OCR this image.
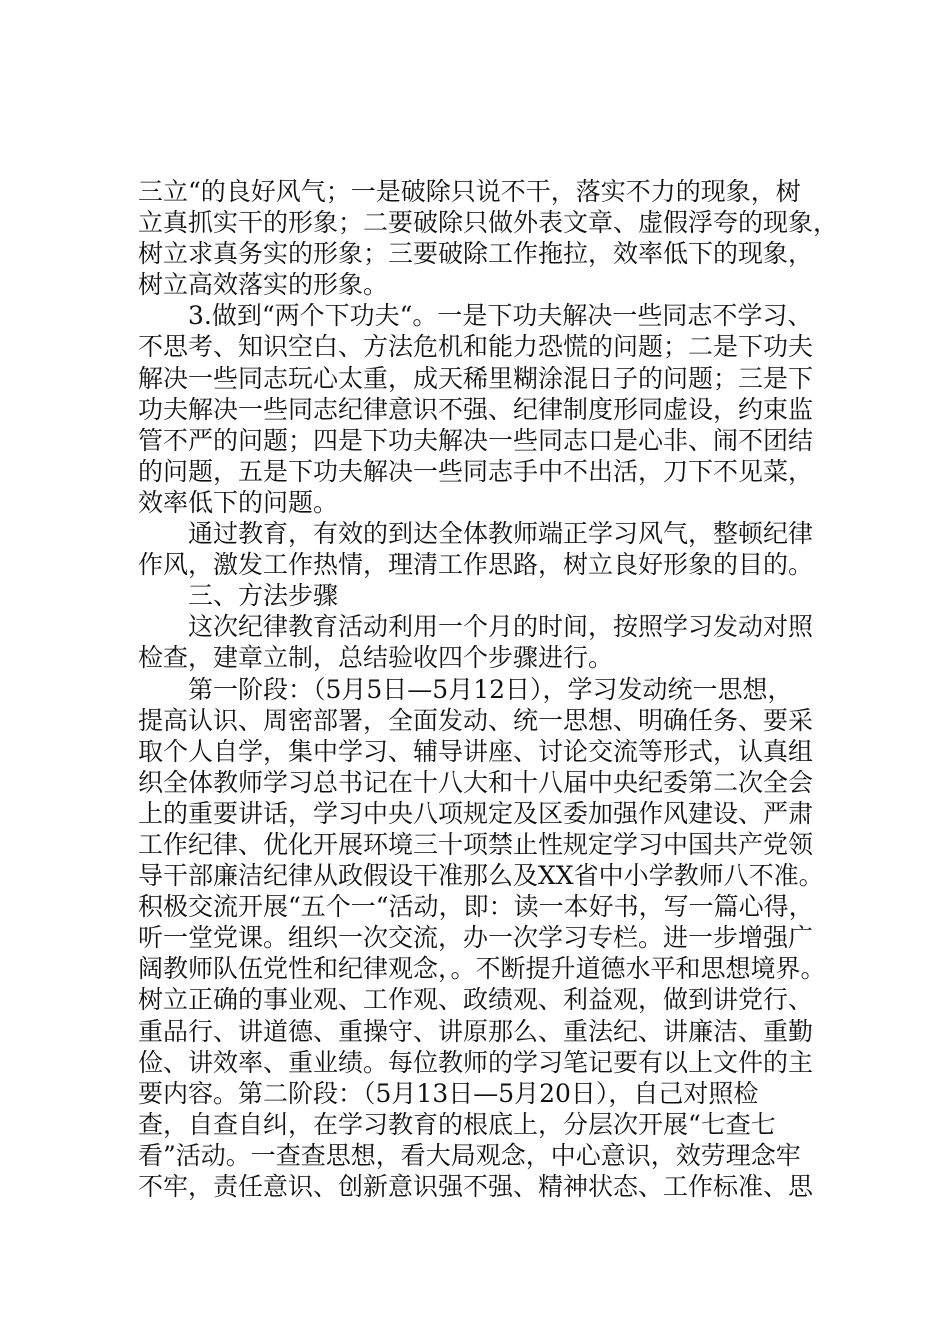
三立“的良好风气；一是破除只说不干，落实不力的现象，树
立真抓实干的形象；二要破除只做外表文章、虚假浮夸的现象，
树立求真务实的形象；三要破除工作拖拉，效率低下的现象，
树立高效落实的形象。
3.做到“两个下功夫“。一是下功夫解决一些同志不学习、
不思考、知识空白、方法危机和能力恐慌的问题；二是下功夫
解决一些同志玩心太重，成天稀里糊涂混日子的问题；三是下
功夫解决一些同志纪律意识不强、纪律制度形同虚设，约束监
管不严的问题；四是下功夫解决一些同志口是心非、闹不团结
的问题，五是下功夫解决一些同志手中不出活，刀下不见菜，
效率低下的问题。
通过教育，有效的到达全体教师端正学习风气，整顿纪律
作风，激发工作热情，理清工作思路，树立良好形象的目的。
三、方法步骤
这次纪律教育活动利用一个月的时间，按照学习发动对照
检查，建章立制，总结验收四个步骤进行。
第一阶段：（5月5日—5月12日），学习发动统一思想，
提高认识、周密部署，全面发动、统一思想、明确任务、要采
取个人自学，集中学习、辅导讲座、讨论交流等形式，认真组
织全体教师学习总书记在十八大和十八届中央纪委第二次全会
上的重要讲话，学习中央八项规定及区委加强作风建设、严肃
工作纪律、优化开展环境三十项禁止性规定学习中国共产党领
导干部廉洁纪律从政假设干准那么及XX省中小学教师八不准。
积极交流开展“五个一“活动，即：读一本好书，写一篇心得，
听一堂党课。组织一次交流，办一次学习专栏。进一步增强广
阔教师队伍党性和纪律观念，。不断提升道德水平和思想境界。
树立正确的事业观、工作观、政绩观、利益观，做到讲党行、
重品行、讲道德、重操守、讲原那么、重法纪、讲廉洁、重勤
俭、讲效率、重业绩。每位教师的学习笔记要有以上文件的主
要内容。第二阶段：（5月13日—5月20日），自己对照检
查，自查自纠，在学习教育的根底上，分层次开展“七查七
看”活动。一查查思想，看大局观念，中心意识，效劳理念牢
不牢，责任意识、创新意识强不强、精神状态、工作标准、思
